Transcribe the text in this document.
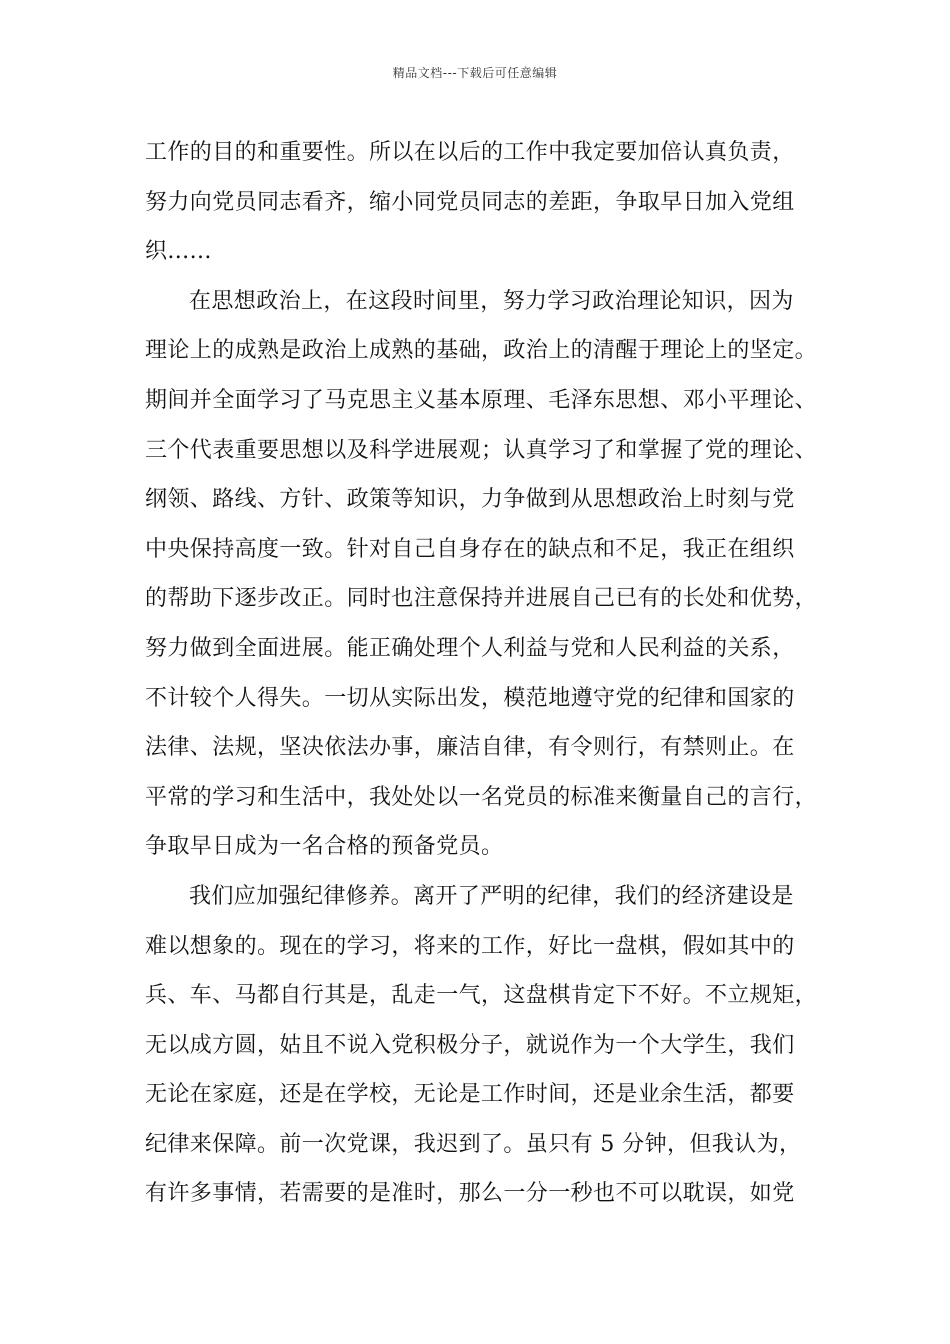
精品文档---下载后可任意编辑
工作的目的和重要性。所以在以后的工作中我定要加倍认真负责，
努力向党员同志看齐，缩小同党员同志的差距，争取早日加入党组
织......
在思想政治上，在这段时间里，努力学习政治理论知识，因为
理论上的成熟是政治上成熟的基础，政治上的清醒于理论上的坚定。
期间并全面学习了马克思主义基本原理、毛泽东思想、邓小平理论、
三个代表重要思想以及科学进展观；认真学习了和掌握了党的理论、
纲领、路线、方针、政策等知识，力争做到从思想政治上时刻与党
中央保持高度一致。针对自己自身存在的缺点和不足，我正在组织
的帮助下逐步改正。同时也注意保持并进展自己已有的长处和优势，
努力做到全面进展。能正确处理个人利益与党和人民利益的关系，
不计较个人得失。一切从实际出发，模范地遵守党的纪律和国家的
法律、法规，坚决依法办事，廉洁自律，有令则行，有禁则止。在
平常的学习和生活中，我处处以一名党员的标准来衡量自己的言行，
争取早日成为一名合格的预备党员。
我们应加强纪律修养。离开了严明的纪律，我们的经济建设是
难以想象的。现在的学习，将来的工作，好比一盘棋，假如其中的
兵、车、马都自行其是，乱走一气，这盘棋肯定下不好。不立规矩，
无以成方圆，姑且不说入党积极分子，就说作为一个大学生，我们
无论在家庭，还是在学校，无论是工作时间，还是业余生活，都要
纪律来保障。前一次党课，我迟到了。虽只有 5 分钟，但我认为，
有许多事情，若需要的是准时，那么一分一秒也不可以耽误，如党
